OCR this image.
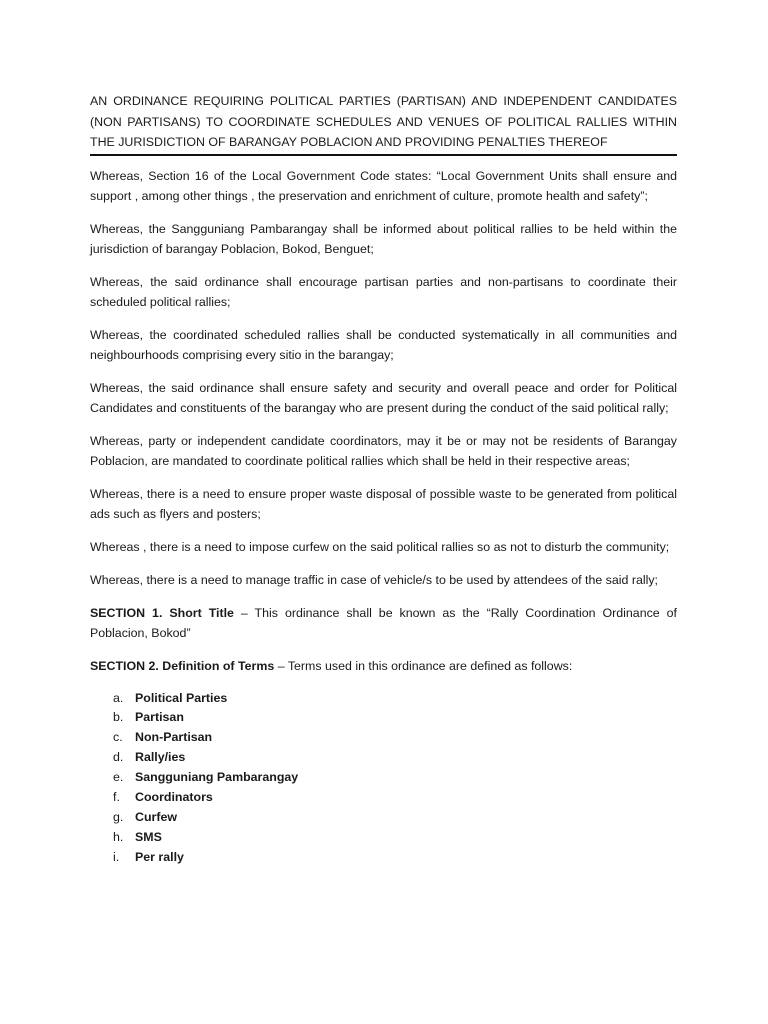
AN ORDINANCE REQUIRING POLITICAL PARTIES (PARTISAN) AND INDEPENDENT CANDIDATES (NON PARTISANS) TO COORDINATE SCHEDULES AND VENUES OF POLITICAL RALLIES WITHIN THE JURISDICTION OF BARANGAY POBLACION AND PROVIDING PENALTIES THEREOF

Whereas, Section 16 of the Local Government Code states: “Local Government Units shall ensure and support , among other things , the preservation and enrichment of culture, promote health and safety”;

Whereas, the Sangguniang Pambarangay shall be informed about political rallies to be held within the jurisdiction of barangay Poblacion, Bokod, Benguet;

Whereas, the said ordinance shall encourage partisan parties and non-partisans to coordinate their scheduled political rallies;

Whereas, the coordinated scheduled rallies shall be conducted systematically in all communities and neighbourhoods comprising every sitio in the barangay;

Whereas, the said ordinance shall ensure safety and security and overall peace and order for Political Candidates and constituents of the barangay who are present during the conduct of the said political rally;

Whereas, party or independent candidate coordinators, may it be or may not be residents of Barangay Poblacion, are mandated to coordinate political rallies which shall be held in their respective areas;

Whereas, there is a need to ensure proper waste disposal of possible waste to be generated from political ads such as flyers and posters;

Whereas , there is a need to impose curfew on the said political rallies so as not to disturb the community;

Whereas, there is a need to manage traffic in case of vehicle/s to be used by attendees of the said rally;

SECTION 1. Short Title – This ordinance shall be known as the “Rally Coordination Ordinance of Poblacion, Bokod”

SECTION 2. Definition of Terms – Terms used in this ordinance are defined as follows:

a. Political Parties
b. Partisan
c. Non-Partisan
d. Rally/ies
e. Sangguniang Pambarangay
f.	Coordinators
g. Curfew
h. SMS
i.	Per rally
